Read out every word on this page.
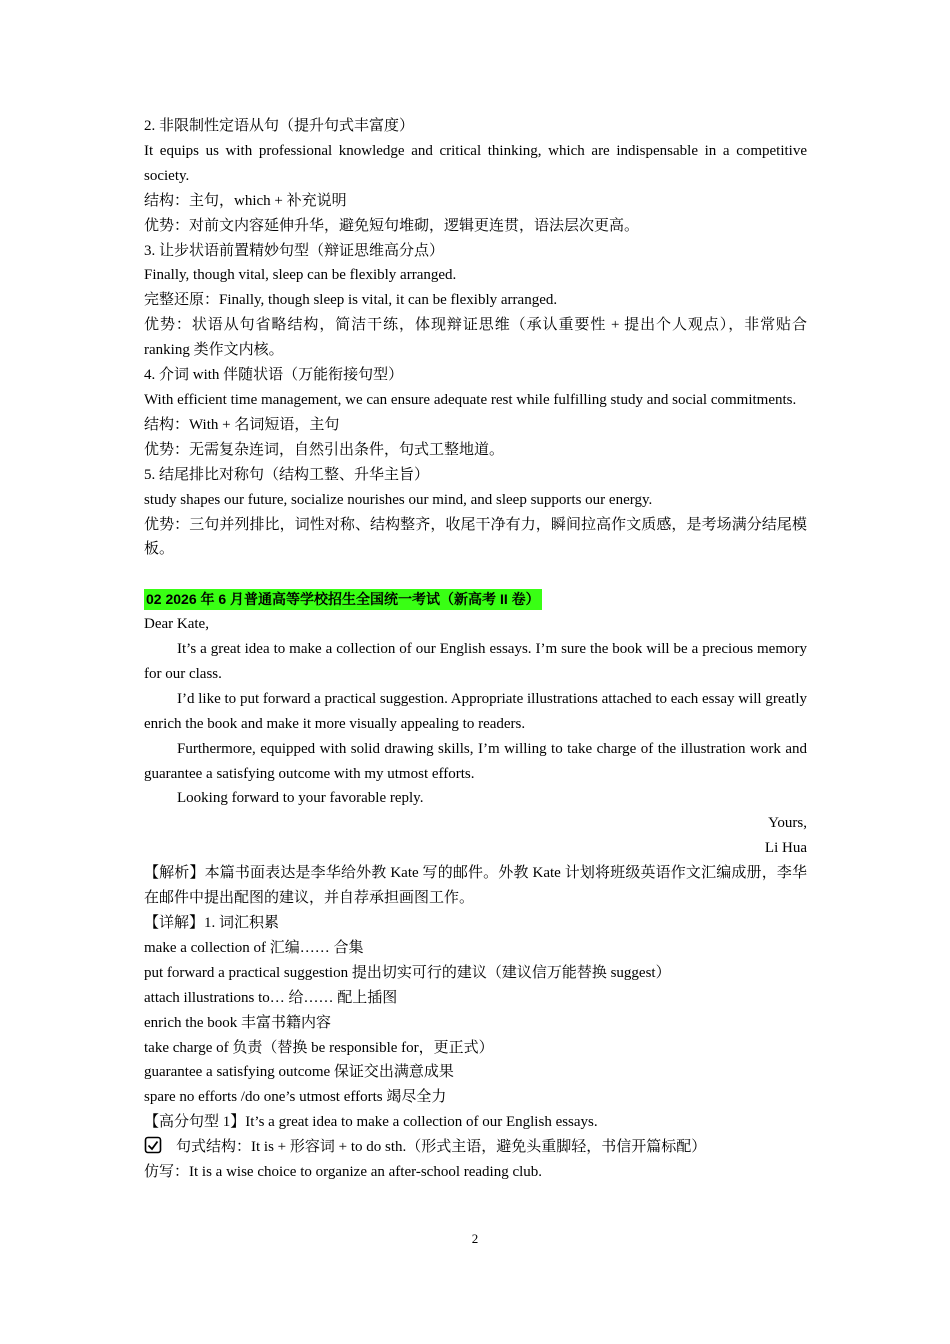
2. 非限制性定语从句（提升句式丰富度）
It equips us with professional knowledge and critical thinking, which are indispensable in a competitive society.
结构：主句，which + 补充说明
优势：对前文内容延伸升华，避免短句堆砌，逻辑更连贯，语法层次更高。
3. 让步状语前置精妙句型（辩证思维高分点）
Finally, though vital, sleep can be flexibly arranged.
完整还原：Finally, though sleep is vital, it can be flexibly arranged.
优势：状语从句省略结构，简洁干练，体现辩证思维（承认重要性 + 提出个人观点），非常贴合 ranking 类作文内核。
4. 介词 with 伴随状语（万能衔接句型）
With efficient time management, we can ensure adequate rest while fulfilling study and social commitments.
结构：With + 名词短语，主句
优势：无需复杂连词，自然引出条件，句式工整地道。
5. 结尾排比对称句（结构工整、升华主旨）
study shapes our future, socialize nourishes our mind, and sleep supports our energy.
优势：三句并列排比，词性对称、结构整齐，收尾干净有力，瞬间拉高作文质感，是考场满分结尾模板。
02 2026 年 6 月普通高等学校招生全国统一考试（新高考 II 卷）
Dear Kate,
It’s a great idea to make a collection of our English essays. I’m sure the book will be a precious memory for our class.
I’d like to put forward a practical suggestion. Appropriate illustrations attached to each essay will greatly enrich the book and make it more visually appealing to readers.
Furthermore, equipped with solid drawing skills, I’m willing to take charge of the illustration work and guarantee a satisfying outcome with my utmost efforts.
Looking forward to your favorable reply.
Yours,
Li Hua
【解析】本篇书面表达是李华给外教 Kate 写的邮件。外教 Kate 计划将班级英语作文汇编成册，李华在邮件中提出配图的建议，并自荐承担画图工作。
【详解】1. 词汇积累
make a collection of 汇编…… 合集
put forward a practical suggestion 提出切实可行的建议（建议信万能替换 suggest）
attach illustrations to… 给…… 配上插图
enrich the book 丰富书籍内容
take charge of 负责（替换 be responsible for，更正式）
guarantee a satisfying outcome 保证交出满意成果
spare no efforts /do one’s utmost efforts 竭尽全力
【高分句型 1】It’s a great idea to make a collection of our English essays.
句式结构：It is + 形容词 + to do sth.（形式主语，避免头重脚轻，书信开篇标配）
仿写：It is a wise choice to organize an after-school reading club.
2
